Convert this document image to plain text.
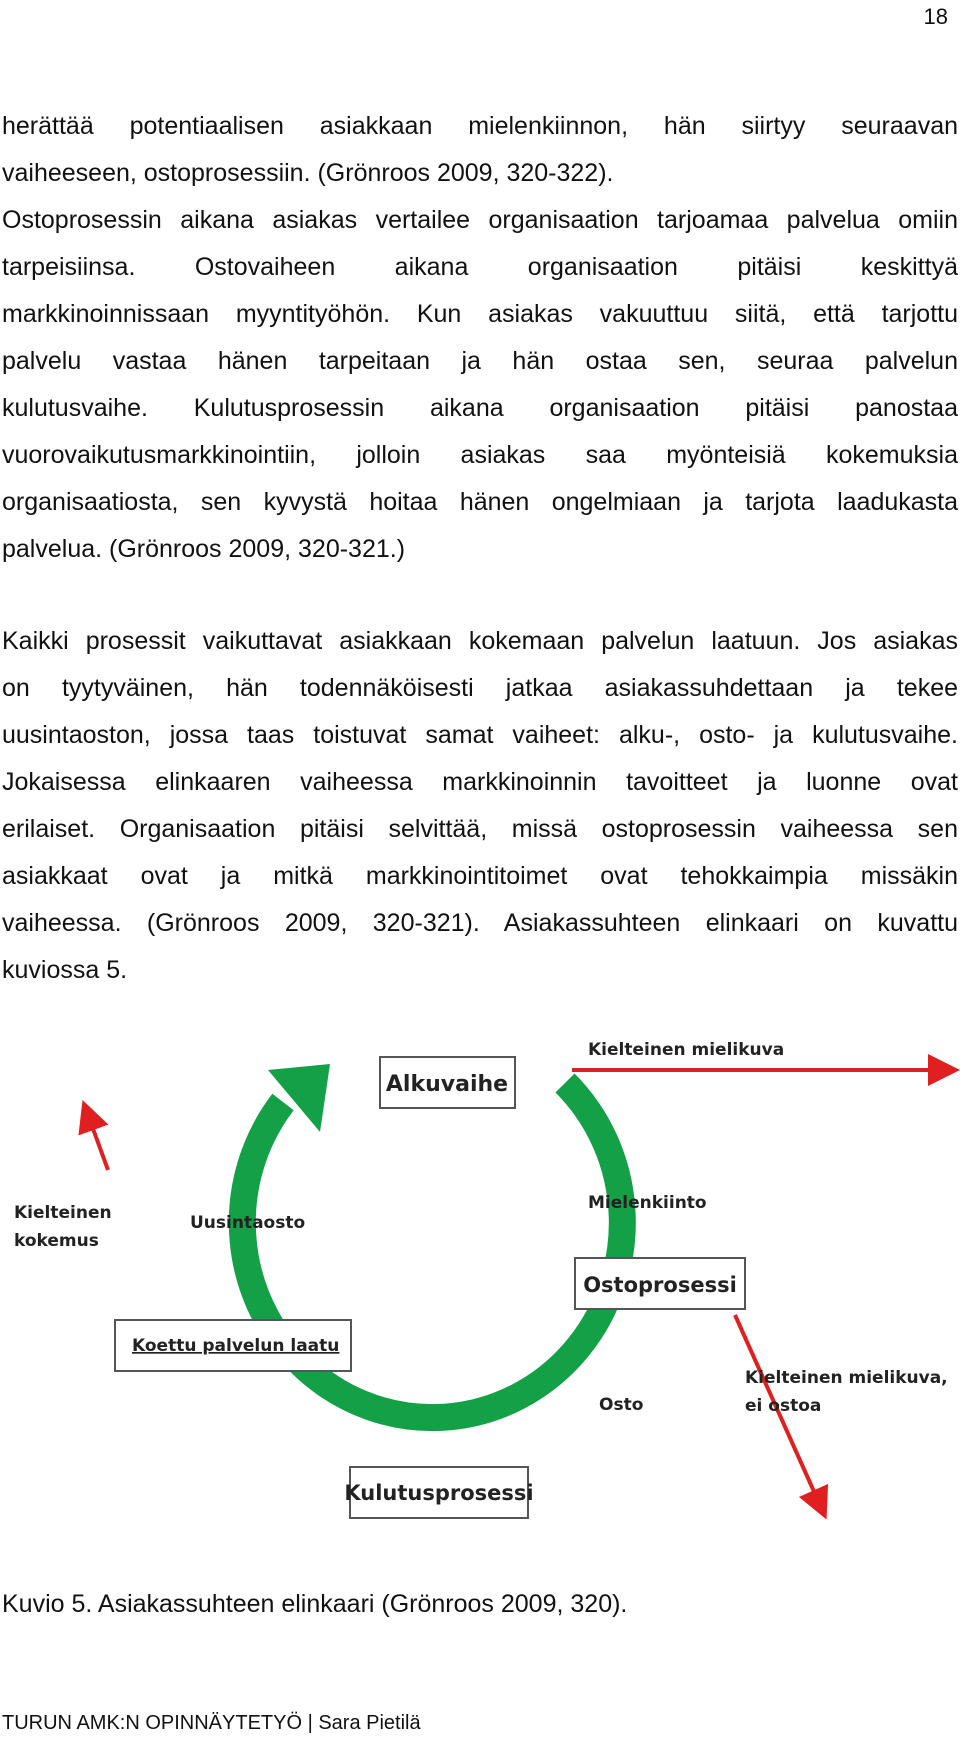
18

herättää potentiaalisen asiakkaan mielenkiinnon, hän siirtyy seuraavan
vaiheeseen, ostoprosessiin. (Grönroos 2009, 320-322).

Ostoprosessin aikana asiakas vertailee organisaation tarjoamaa palvelua omiin
tarpeisiinsa. Ostovaiheen aikana organisaation pitäisi keskittyä
markkinoinnissaan myyntityöhön. Kun asiakas vakuuttuu siitä, että tarjottu
palvelu vastaa hänen tarpeitaan ja hän ostaa sen, seuraa palvelun
kulutusvaihe. Kulutusprosessin aikana organisaation pitäisi panostaa
vuorovaikutusmarkkinointiin, jolloin asiakas saa myönteisiä kokemuksia
organisaatiosta, sen kyvystä hoitaa hänen ongelmiaan ja tarjota laadukasta
palvelua. (Grönroos 2009, 320-321.)

Kaikki prosessit vaikuttavat asiakkaan kokemaan palvelun laatuun. Jos asiakas
on tyytyväinen, hän todennäköisesti jatkaa asiakassuhdettaan ja tekee
uusintaoston, jossa taas toistuvat samat vaiheet: alku-, osto- ja kulutusvaihe.
Jokaisessa elinkaaren vaiheessa markkinoinnin tavoitteet ja luonne ovat
erilaiset. Organisaation pitäisi selvittää, missä ostoprosessin vaiheessa sen
asiakkaat ovat ja mitkä markkinointitoimet ovat tehokkaimpia missäkin
vaiheessa. (Grönroos 2009, 320-321). Asiakassuhteen elinkaari on kuvattu
kuviossa 5.

Alkuvaihe
Ostoprosessi
Kulutusprosessi
Koettu palvelun laatu
Mielenkiinto
Osto
Uusintaosto
Kielteinen mielikuva
Kielteinen mielikuva,
ei ostoa
Kielteinen
kokemus
Kuvio 5. Asiakassuhteen elinkaari (Grönroos 2009, 320).
TURUN AMK:N OPINNÄYTETYÖ | Sara Pietilä
